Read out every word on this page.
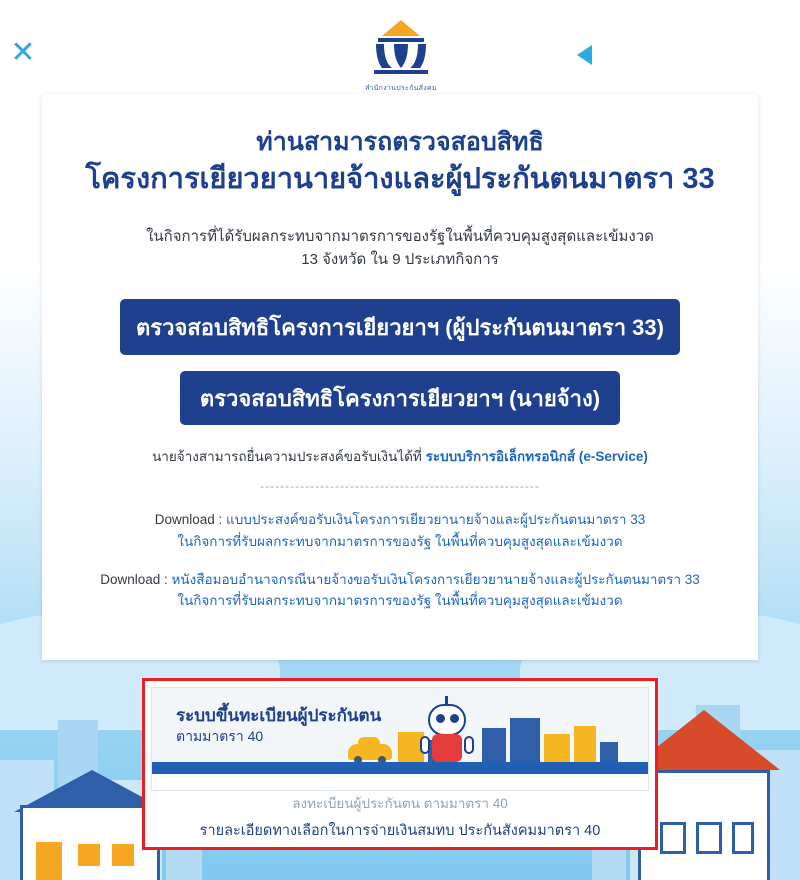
✕
สำนักงานประกันสังคม
ท่านสามารถตรวจสอบสิทธิ
โครงการเยียวยานายจ้างและผู้ประกันตนมาตรา 33
ในกิจการที่ได้รับผลกระทบจากมาตรการของรัฐในพื้นที่ควบคุมสูงสุดและเข้มงวด
13 จังหวัด ใน 9 ประเภทกิจการ
ตรวจสอบสิทธิโครงการเยียวยาฯ (ผู้ประกันตนมาตรา 33)
ตรวจสอบสิทธิโครงการเยียวยาฯ (นายจ้าง)
นายจ้างสามารถยื่นความประสงค์ขอรับเงินได้ที่ ระบบบริการอิเล็กทรอนิกส์ (e-Service)
--------------------------------------------------------
Download : แบบประสงค์ขอรับเงินโครงการเยียวยานายจ้างและผู้ประกันตนมาตรา 33
ในกิจการที่รับผลกระทบจากมาตรการของรัฐ ในพื้นที่ควบคุมสูงสุดและเข้มงวด
Download : หนังสือมอบอำนาจกรณีนายจ้างขอรับเงินโครงการเยียวยานายจ้างและผู้ประกันตนมาตรา 33
ในกิจการที่รับผลกระทบจากมาตรการของรัฐ ในพื้นที่ควบคุมสูงสุดและเข้มงวด
ระบบขึ้นทะเบียนผู้ประกันตน
ตามมาตรา 40
ลงทะเบียนผู้ประกันตน ตามมาตรา 40
รายละเอียดทางเลือกในการจ่ายเงินสมทบ ประกันสังคมมาตรา 40
